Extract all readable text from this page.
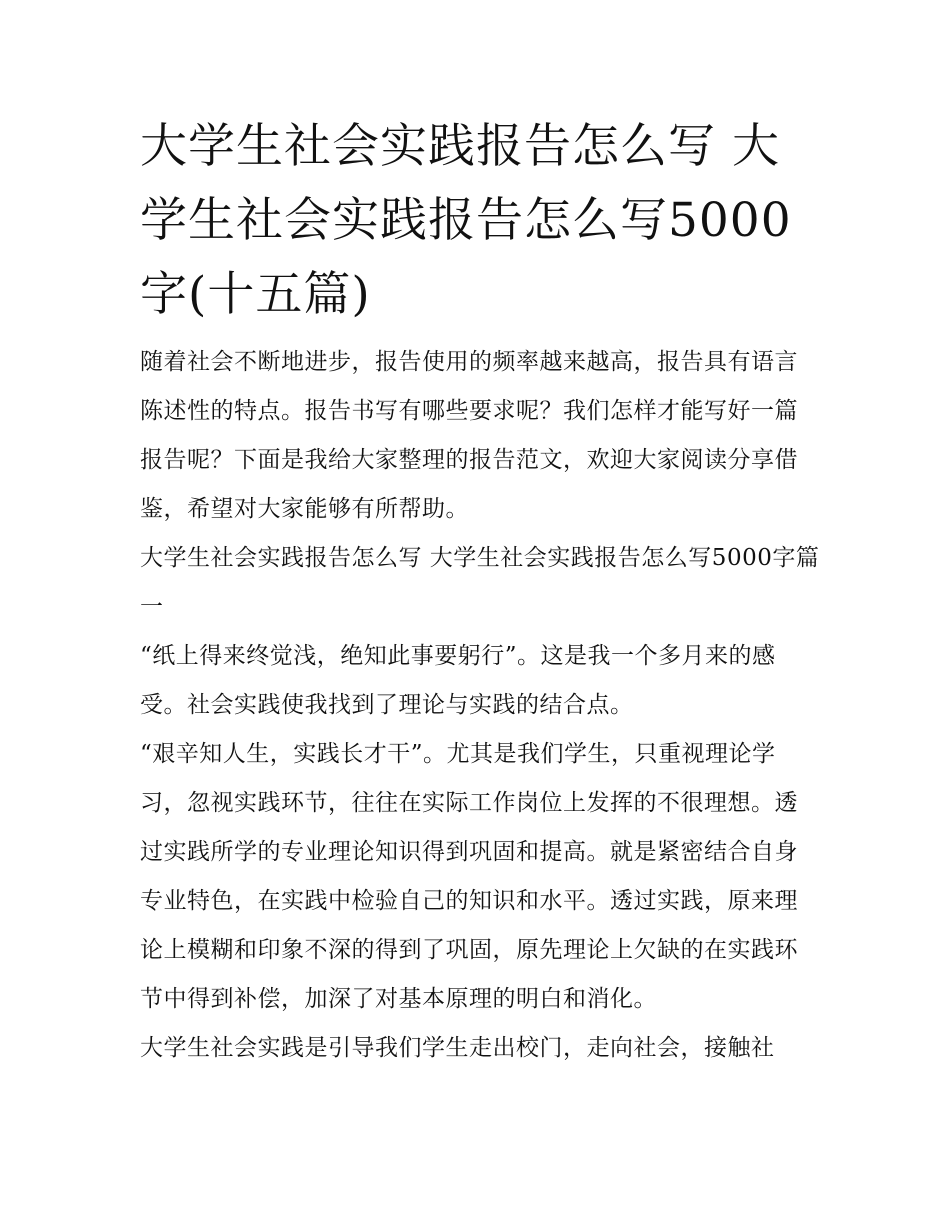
大学生社会实践报告怎么写 大学生社会实践报告怎么写5000字(十五篇)

随着社会不断地进步，报告使用的频率越来越高，报告具有语言陈述性的特点。报告书写有哪些要求呢？我们怎样才能写好一篇报告呢？下面是我给大家整理的报告范文，欢迎大家阅读分享借鉴，希望对大家能够有所帮助。

大学生社会实践报告怎么写 大学生社会实践报告怎么写5000字篇一

“纸上得来终觉浅，绝知此事要躬行”。这是我一个多月来的感受。社会实践使我找到了理论与实践的结合点。

“艰辛知人生，实践长才干”。尤其是我们学生，只重视理论学习，忽视实践环节，往往在实际工作岗位上发挥的不很理想。透过实践所学的专业理论知识得到巩固和提高。就是紧密结合自身专业特色，在实践中检验自己的知识和水平。透过实践，原来理论上模糊和印象不深的得到了巩固，原先理论上欠缺的在实践环节中得到补偿，加深了对基本原理的明白和消化。

大学生社会实践是引导我们学生走出校门，走向社会，接触社
